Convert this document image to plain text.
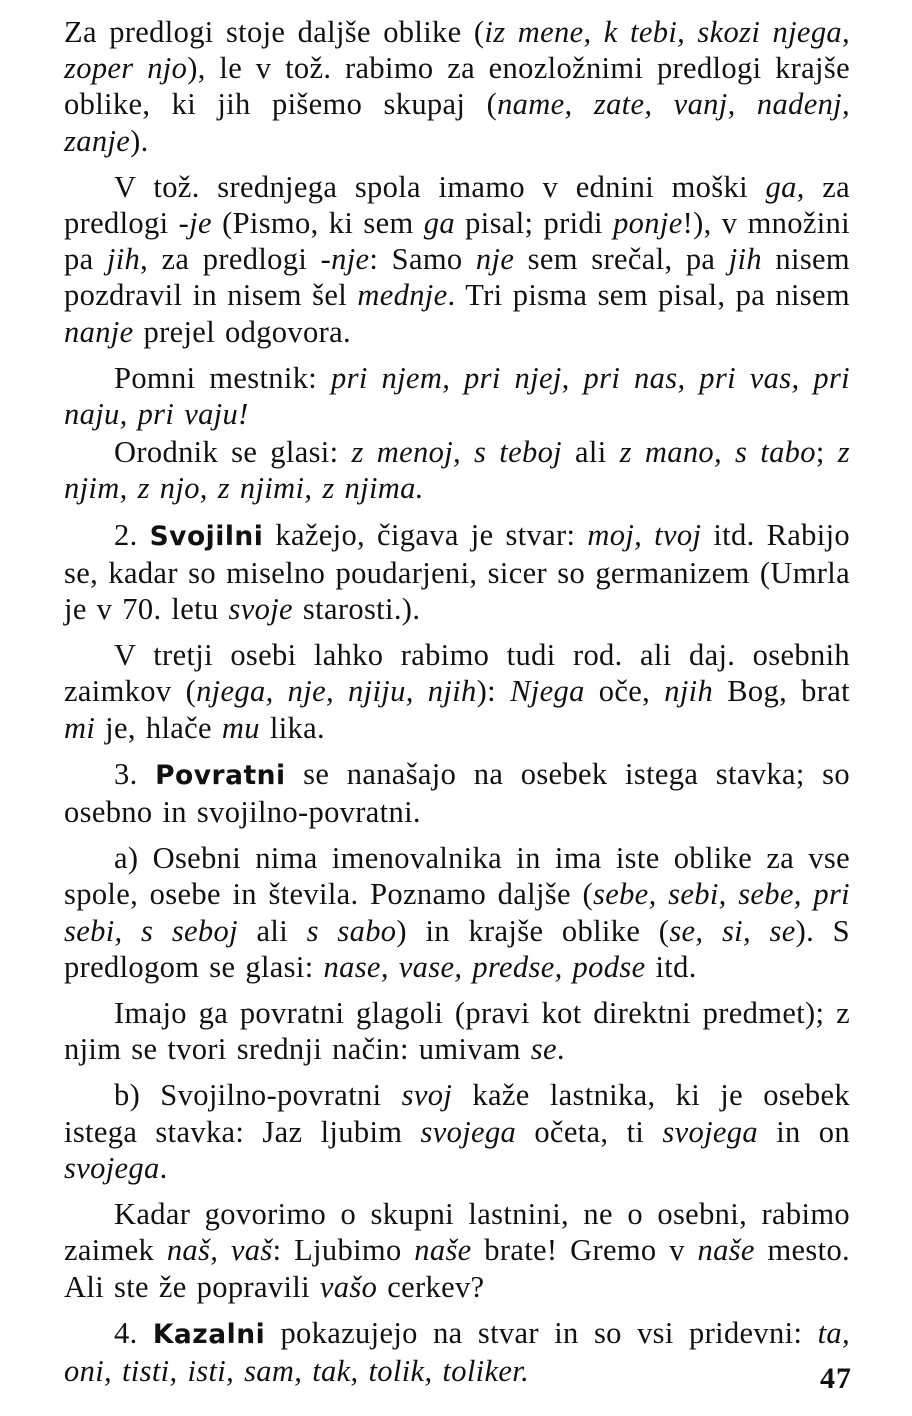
Za predlogi stoje daljše oblike (iz mene, k tebi, skozi njega, zoper njo), le v tož. rabimo za enozložnimi predlogi krajše oblike, ki jih pišemo skupaj (name, zate, vanj, nadenj, zanje).

V tož. srednjega spola imamo v ednini moški ga, za predlogi -je (Pismo, ki sem ga pisal; pridi ponje!), v množini pa jih, za predlogi -nje: Samo nje sem srečal, pa jih nisem pozdravil in nisem šel mednje. Tri pisma sem pisal, pa nisem nanje prejel odgovora.

Pomni mestnik: pri njem, pri njej, pri nas, pri vas, pri naju, pri vaju!

Orodnik se glasi: z menoj, s teboj ali z mano, s tabo; z njim, z njo, z njimi, z njima.

2. Svojilni kažejo, čigava je stvar: moj, tvoj itd. Rabijo se, kadar so miselno poudarjeni, sicer so germanizem (Umrla je v 70. letu svoje starosti.).

V tretji osebi lahko rabimo tudi rod. ali daj. osebnih zaimkov (njega, nje, njiju, njih): Njega oče, njih Bog, brat mi je, hlače mu lika.

3. Povratni se nanašajo na osebek istega stavka; so osebno in svojilno-povratni.

a) Osebni nima imenovalnika in ima iste oblike za vse spole, osebe in števila. Poznamo daljše (sebe, sebi, sebe, pri sebi, s seboj ali s sabo) in krajše oblike (se, si, se). S predlogom se glasi: nase, vase, predse, podse itd.

Imajo ga povratni glagoli (pravi kot direktni predmet); z njim se tvori srednji način: umivam se.

b) Svojilno-povratni svoj kaže lastnika, ki je osebek istega stavka: Jaz ljubim svojega očeta, ti svojega in on svojega.

Kadar govorimo o skupni lastnini, ne o osebni, rabimo zaimek naš, vaš: Ljubimo naše brate! Gremo v naše mesto. Ali ste že popravili vašo cerkev?

4. Kazalni pokazujejo na stvar in so vsi pridevni: ta, oni, tisti, isti, sam, tak, tolik, toliker.	47
